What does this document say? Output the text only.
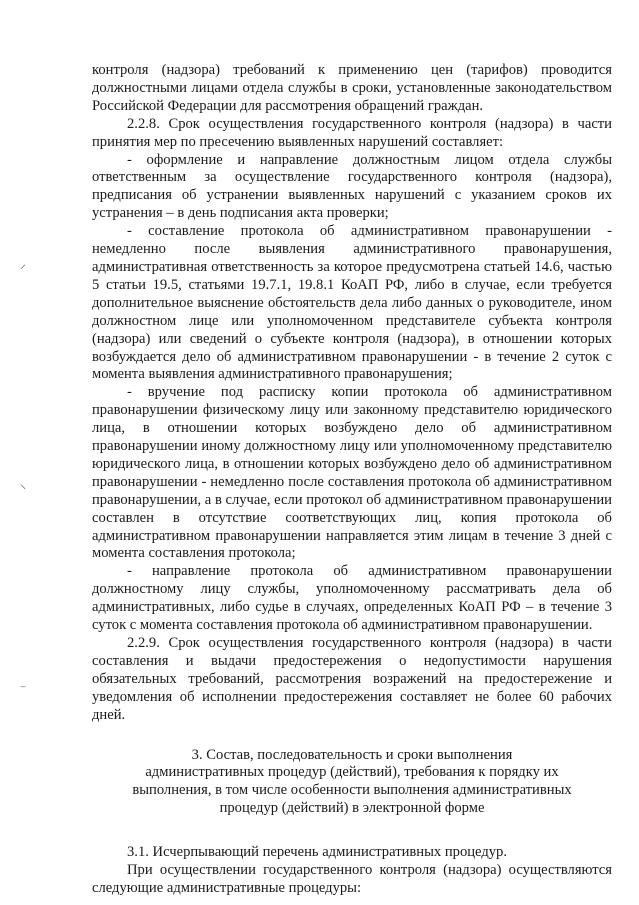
⸝
⸜
⁻

контроля (надзора) требований к применению цен (тарифов) проводится должностными лицами отдела службы в сроки, установленные законодательством Российской Федерации для рассмотрения обращений граждан.

2.2.8. Срок осуществления государственного контроля (надзора) в части принятия мер по пресечению выявленных нарушений составляет:

- оформление и направление должностным лицом отдела службы ответственным за осуществление государственного контроля (надзора), предписания об устранении выявленных нарушений с указанием сроков их устранения – в день подписания акта проверки;

- составление протокола об административном правонарушении - немедленно после выявления административного правонарушения, административная ответственность за которое предусмотрена статьей 14.6, частью 5 статьи 19.5, статьями 19.7.1, 19.8.1 КоАП РФ, либо в случае, если требуется дополнительное выяснение обстоятельств дела либо данных о руководителе, ином должностном лице или уполномоченном представителе субъекта контроля (надзора) или сведений о субъекте контроля (надзора), в отношении которых возбуждается дело об административном правонарушении - в течение 2 суток с момента выявления административного правонарушения;

- вручение под расписку копии протокола об административном правонарушении физическому лицу или законному представителю юридического лица, в отношении которых возбуждено дело об административном правонарушении иному должностному лицу или уполномоченному представителю юридического лица, в отношении которых возбуждено дело об административном правонарушении - немедленно после составления протокола об административном правонарушении, а в случае, если протокол об административном правонарушении составлен в отсутствие соответствующих лиц, копия протокола об административном правонарушении направляется этим лицам в течение 3 дней с момента составления протокола;

- направление протокола об административном правонарушении должностному лицу службы, уполномоченному рассматривать дела об административных, либо судье в случаях, определенных КоАП РФ – в течение 3 суток с момента составления протокола об административном правонарушении.

2.2.9. Срок осуществления государственного контроля (надзора) в части составления и выдачи предостережения о недопустимости нарушения обязательных требований, рассмотрения возражений на предостережение и уведомления об исполнении предостережения составляет не более 60 рабочих дней.

3. Состав, последовательность и сроки выполнения
административных процедур (действий), требования к порядку их выполнения, в том числе особенности выполнения административных процедур (действий) в электронной форме

3.1. Исчерпывающий перечень административных процедур.

При осуществлении государственного контроля (надзора) осуществляются следующие административные процедуры:
